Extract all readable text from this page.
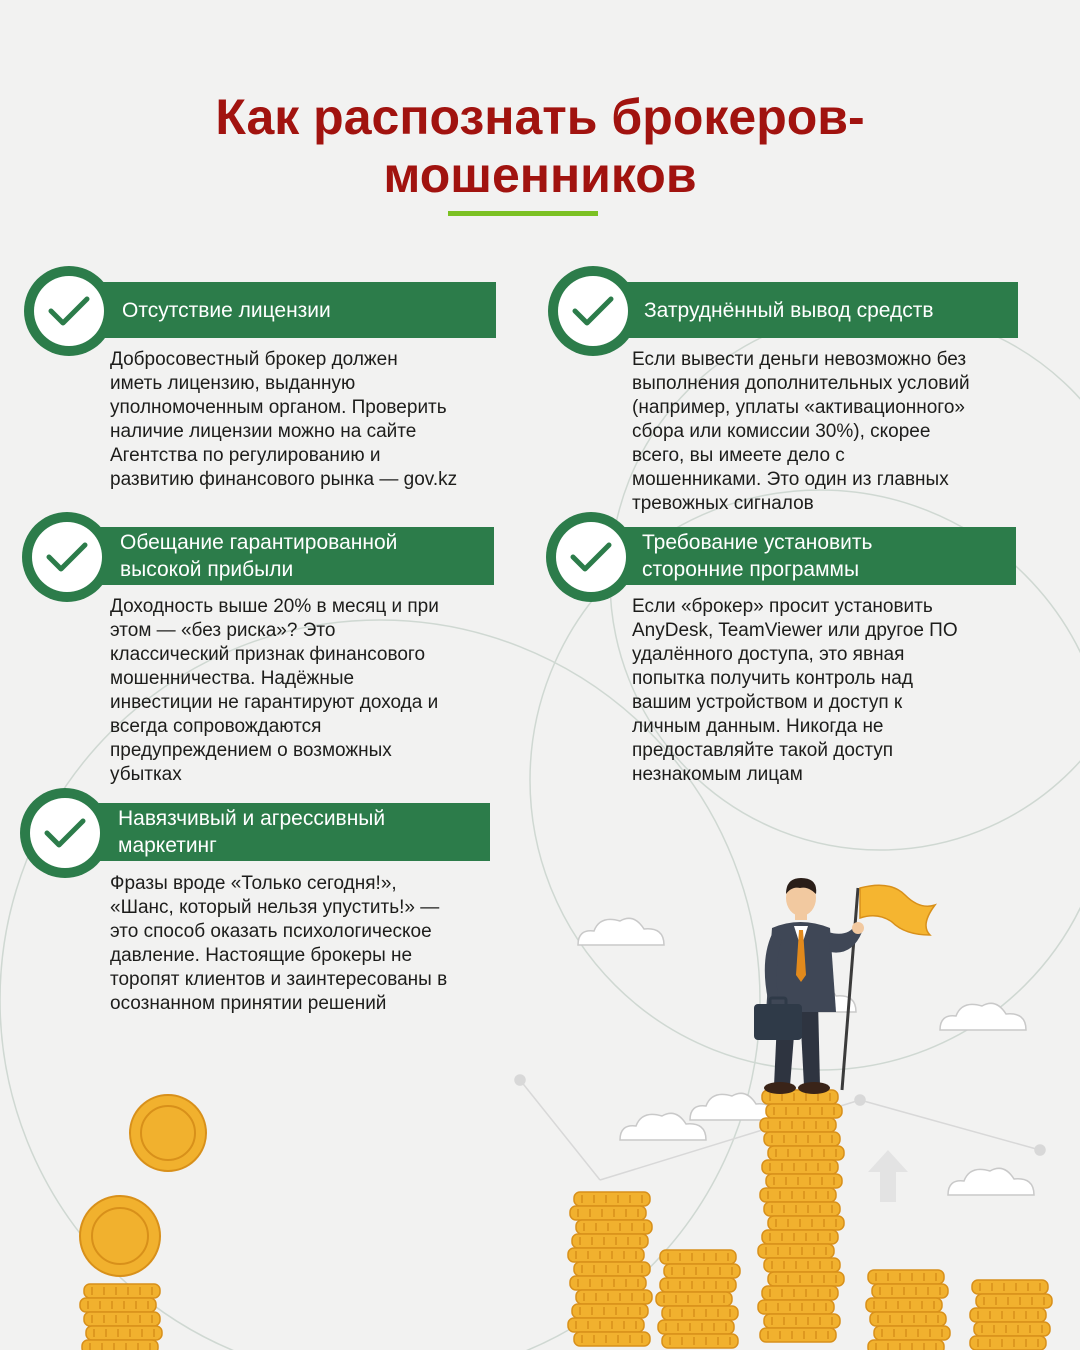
Как распознать брокеров-
мошенников
Отсутствие лицензии
Добросовестный брокер должен
иметь лицензию, выданную
уполномоченным органом. Проверить
наличие лицензии можно на сайте
Агентства по регулированию и
развитию финансового рынка — gov.kz
Затруднённый вывод средств
Если вывести деньги невозможно без
выполнения дополнительных условий
(например, уплаты «активационного»
сбора или комиссии 30%), скорее
всего, вы имеете дело с
мошенниками. Это один из главных
тревожных сигналов
Обещание гарантированной
высокой прибыли
Доходность выше 20% в месяц и при
этом — «без риска»? Это
классический признак финансового
мошенничества. Надёжные
инвестиции не гарантируют дохода и
всегда сопровождаются
предупреждением о возможных
убытках
Требование установить
сторонние программы
Если «брокер» просит установить
AnyDesk, TeamViewer или другое ПО
удалённого доступа, это явная
попытка получить контроль над
вашим устройством и доступ к
личным данным. Никогда не
предоставляйте такой доступ
незнакомым лицам
Навязчивый и агрессивный
маркетинг
Фразы вроде «Только сегодня!»,
«Шанс, который нельзя упустить!» —
это способ оказать психологическое
давление. Настоящие брокеры не
торопят клиентов и заинтересованы в
осознанном принятии решений
